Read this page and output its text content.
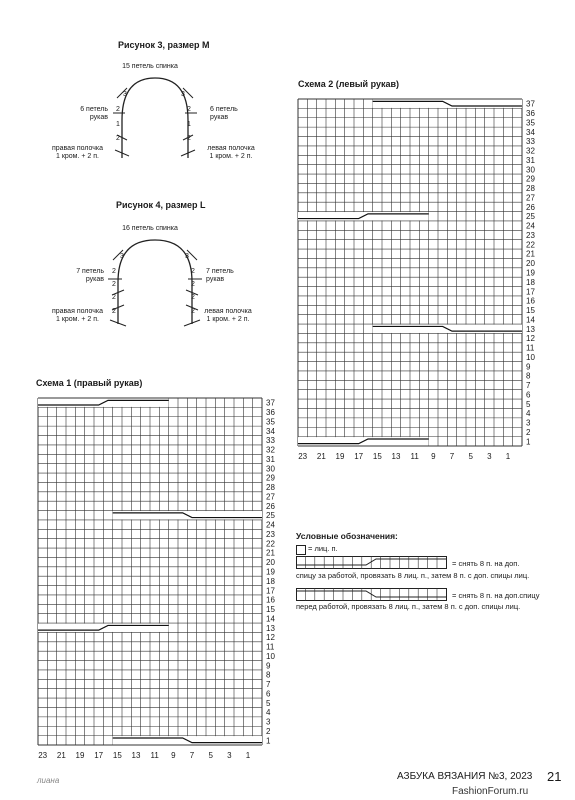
Рисунок 3, размер M
15 петель спинка
3
2
1
2
3
2
1
2
6 петель
рукав
6 петель
рукав
правая полочка
1 кром. + 2 п.
левая полочка
1 кром. + 2 п.
Рисунок 4, размер L
16 петель спинка
3
2
2
2
2
3
2
2
2
2
7 петель
рукав
7 петель
рукав
правая полочка
1 кром. + 2 п.
левая полочка
1 кром. + 2 п.
Схема 1 (правый рукав)
37
36
35
34
33
32
31
30
29
28
27
26
25
24
23
22
21
20
19
18
17
16
15
14
13
12
11
10
9
8
7
6
5
4
3
2
1
23 21 19 17 15 13 11 9 7 5 3 1
Схема 2 (левый рукав)
37
36
35
34
33
32
31
30
29
28
27
26
25
24
23
22
21
20
19
18
17
16
15
14
13
12
11
10
9
8
7
6
5
4
3
2
1
23 21 19 17 15 13 11 9 7 5 3 1
Условные обозначения:
= лиц. п.
= снять 8 п. на доп.
спицу за работой, провязать 8 лиц. п., затем 8 п. с доп. спицы лиц.
= снять 8 п. на доп.спицу
перед работой, провязать 8 лиц. п., затем 8 п. с доп. спицы лиц.
лиана	АЗБУКА ВЯЗАНИЯ №3, 2023 21
FashionForum.ru
